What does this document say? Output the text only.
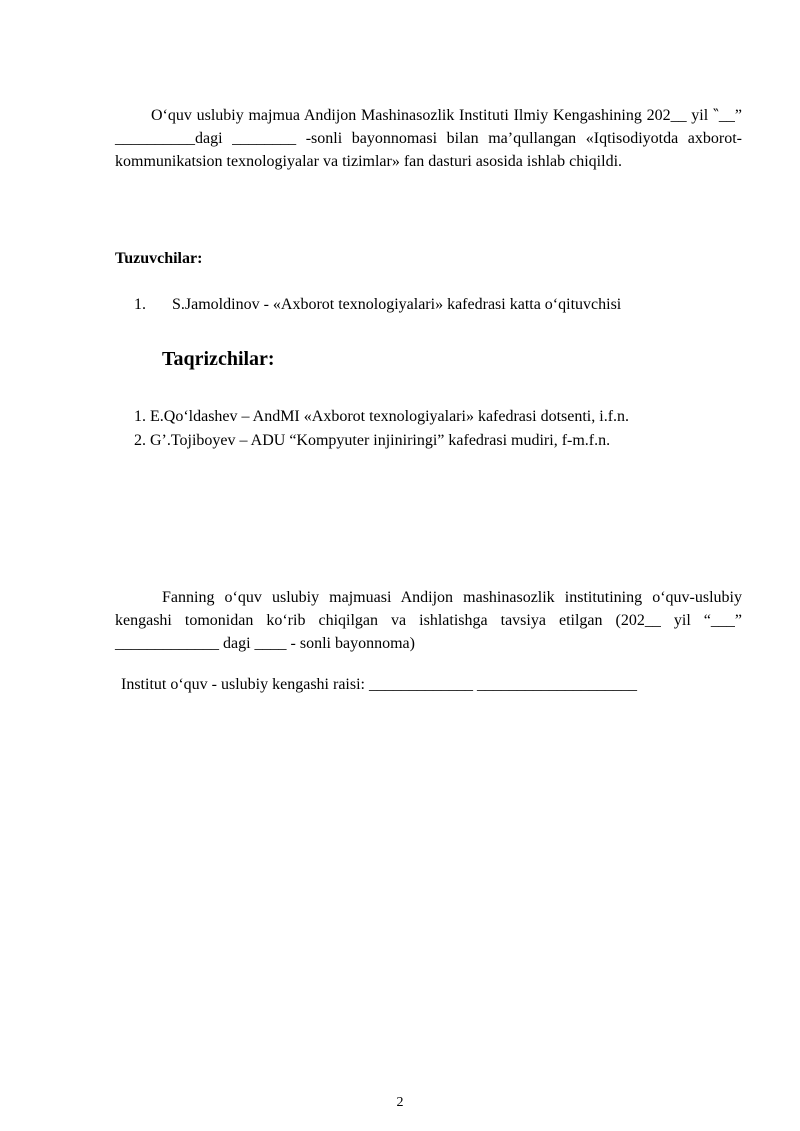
O‘quv uslubiy majmua Andijon Mashinasozlik Instituti Ilmiy Kengashining 202__ yil ‶__” __________dagi ________ -sonli bayonnomasi bilan ma’qullangan «Iqtisodiyotda axborot-kommunikatsion texnologiyalar va tizimlar» fan dasturi asosida ishlab chiqildi.

Tuzuvchilar:

1. S.Jamoldinov - «Axborot texnologiyalari» kafedrasi katta o‘qituvchisi

Taqrizchilar:

1. E.Qo‘ldashev – AndMI «Axborot texnologiyalari» kafedrasi dotsenti, i.f.n.
2. G’.Tojiboyev – ADU “Kompyuter injiniringi” kafedrasi mudiri, f-m.f.n.

Fanning o‘quv uslubiy majmuasi Andijon mashinasozlik institutining o‘quv-uslubiy kengashi tomonidan ko‘rib chiqilgan va ishlatishga tavsiya etilgan (202__ yil “___” _____________ dagi ____ - sonli bayonnoma)

Institut o‘quv - uslubiy kengashi raisi: _____________ ____________________

2
